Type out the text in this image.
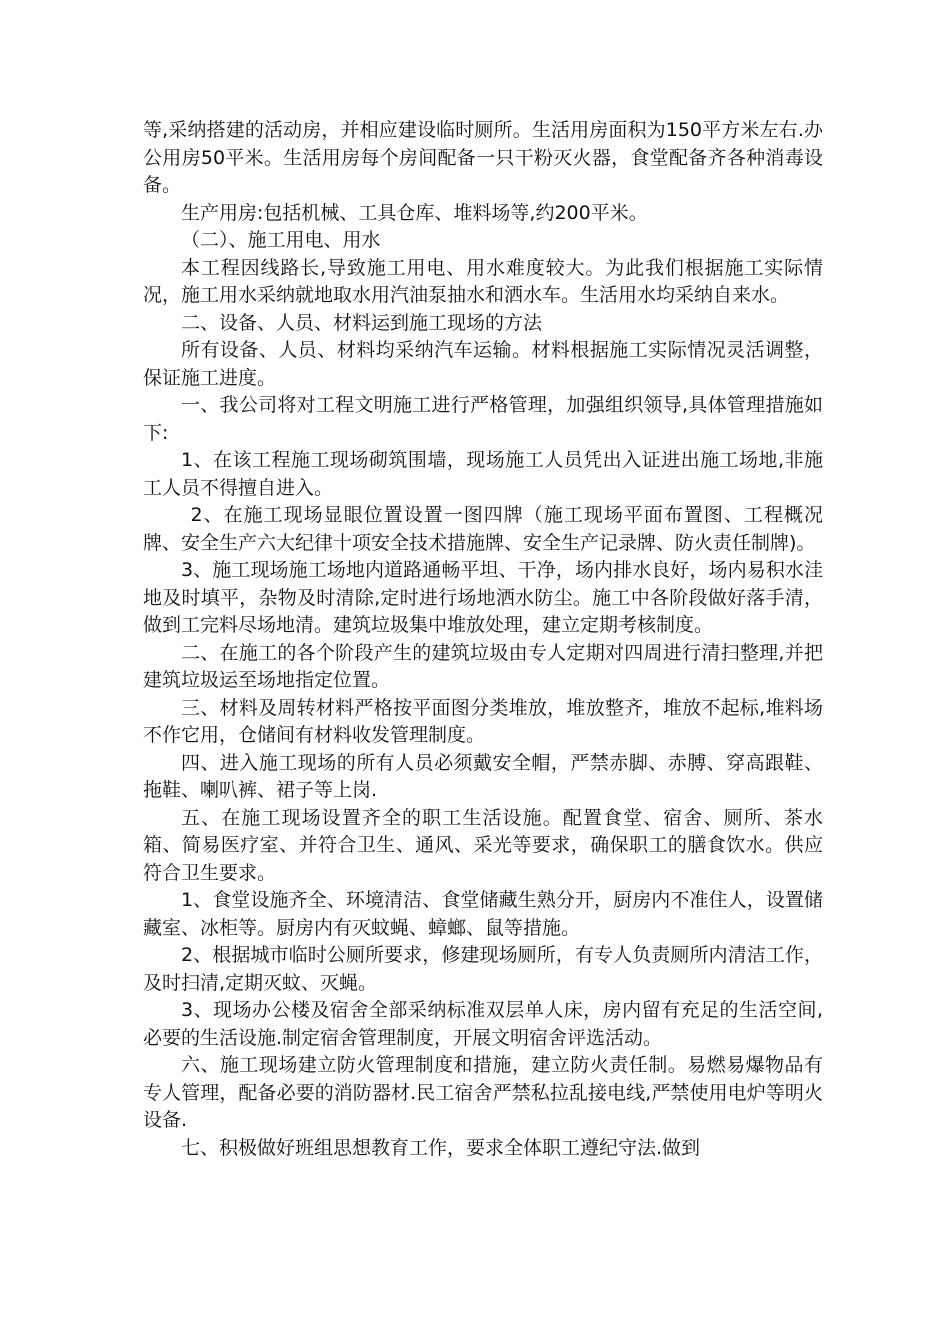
等,采纳搭建的活动房，并相应建设临时厕所。生活用房面积为150平方米左右.办公用房50平米。生活用房每个房间配备一只干粉灭火器，食堂配备齐各种消毒设备。

生产用房:包括机械、工具仓库、堆料场等,约200平米。

（二）、施工用电、用水

本工程因线路长,导致施工用电、用水难度较大。为此我们根据施工实际情况，施工用水采纳就地取水用汽油泵抽水和洒水车。生活用水均采纳自来水。

二、设备、人员、材料运到施工现场的方法

所有设备、人员、材料均采纳汽车运输。材料根据施工实际情况灵活调整，保证施工进度。

一、我公司将对工程文明施工进行严格管理，加强组织领导,具体管理措施如下:

1、在该工程施工现场砌筑围墙，现场施工人员凭出入证进出施工场地,非施工人员不得擅自进入。

2、在施工现场显眼位置设置一图四牌（施工现场平面布置图、工程概况牌、安全生产六大纪律十项安全技术措施牌、安全生产记录牌、防火责任制牌)。

3、施工现场施工场地内道路通畅平坦、干净，场内排水良好，场内易积水洼地及时填平，杂物及时清除,定时进行场地洒水防尘。施工中各阶段做好落手清，做到工完料尽场地清。建筑垃圾集中堆放处理，建立定期考核制度。

二、在施工的各个阶段产生的建筑垃圾由专人定期对四周进行清扫整理,并把建筑垃圾运至场地指定位置。

三、材料及周转材料严格按平面图分类堆放，堆放整齐，堆放不起标,堆料场不作它用，仓储间有材料收发管理制度。

四、进入施工现场的所有人员必须戴安全帽，严禁赤脚、赤膊、穿高跟鞋、拖鞋、喇叭裤、裙子等上岗.

五、在施工现场设置齐全的职工生活设施。配置食堂、宿舍、厕所、茶水箱、简易医疗室、并符合卫生、通风、采光等要求，确保职工的膳食饮水。供应符合卫生要求。

1、食堂设施齐全、环境清洁、食堂储藏生熟分开，厨房内不准住人，设置储藏室、冰柜等。厨房内有灭蚊蝇、蟑螂、鼠等措施。

2、根据城市临时公厕所要求，修建现场厕所，有专人负责厕所内清洁工作，及时扫清,定期灭蚊、灭蝇。

3、现场办公楼及宿舍全部采纳标准双层单人床，房内留有充足的生活空间,必要的生活设施.制定宿舍管理制度，开展文明宿舍评选活动。

六、施工现场建立防火管理制度和措施，建立防火责任制。易燃易爆物品有专人管理，配备必要的消防器材.民工宿舍严禁私拉乱接电线,严禁使用电炉等明火设备.

七、积极做好班组思想教育工作，要求全体职工遵纪守法.做到
